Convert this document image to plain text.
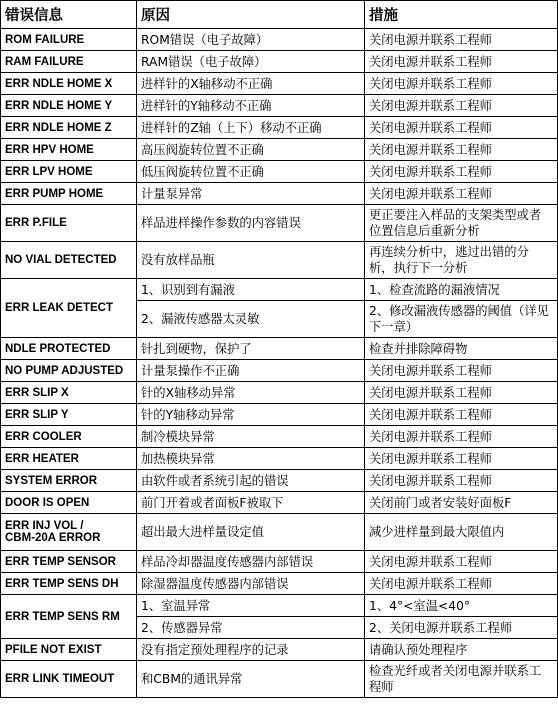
错误信息	原因	措施
ROM FAILURE	ROM错误（电子故障）	关闭电源并联系工程师
RAM FAILURE	RAM错误（电子故障）	关闭电源并联系工程师
ERR NDLE HOME X	进样针的X轴移动不正确	关闭电源并联系工程师
ERR NDLE HOME Y	进样针的Y轴移动不正确	关闭电源并联系工程师
ERR NDLE HOME Z	进样针的Z轴（上下）移动不正确	关闭电源并联系工程师
ERR HPV HOME	高压阀旋转位置不正确	关闭电源并联系工程师
ERR LPV HOME	低压阀旋转位置不正确	关闭电源并联系工程师
ERR PUMP HOME	计量泵异常	关闭电源并联系工程师
ERR P.FILE	样品进样操作参数的内容错误	更正要注入样品的支架类型或者位置信息后重新分析
NO VIAL DETECTED	没有放样品瓶	再连续分析中，逃过出错的分析，执行下一分析
ERR LEAK DETECT	1、识别到有漏液	1、检查流路的漏液情况
	2、漏液传感器太灵敏	2、修改漏液传感器的阈值（详见下一章）
NDLE PROTECTED	针扎到硬物，保护了	检查并排除障碍物
NO PUMP ADJUSTED	计量泵操作不正确	关闭电源并联系工程师
ERR SLIP X	针的X轴移动异常	关闭电源并联系工程师
ERR SLIP Y	针的Y轴移动异常	关闭电源并联系工程师
ERR COOLER	制冷模块异常	关闭电源并联系工程师
ERR HEATER	加热模块异常	关闭电源并联系工程师
SYSTEM ERROR	由软件或者系统引起的错误	关闭电源并联系工程师
DOOR IS OPEN	前门开着或者面板F被取下	关闭前门或者安装好面板F

ERR INJ VOL /
CBM-20A ERROR	超出最大进样量设定值	减少进样量到最大限值内
ERR TEMP SENSOR	样品冷却器温度传感器内部错误	关闭电源并联系工程师
ERR TEMP SENS DH	除湿器温度传感器内部错误	关闭电源并联系工程师
ERR TEMP SENS RM	1、室温异常	1、4°<室温<40°
	2、传感器异常	2、关闭电源并联系工程师
PFILE NOT EXIST	没有指定预处理程序的记录	请确认预处理程序
ERR LINK TIMEOUT	和CBM的通讯异常	检查光纤或者关闭电源并联系工程师
